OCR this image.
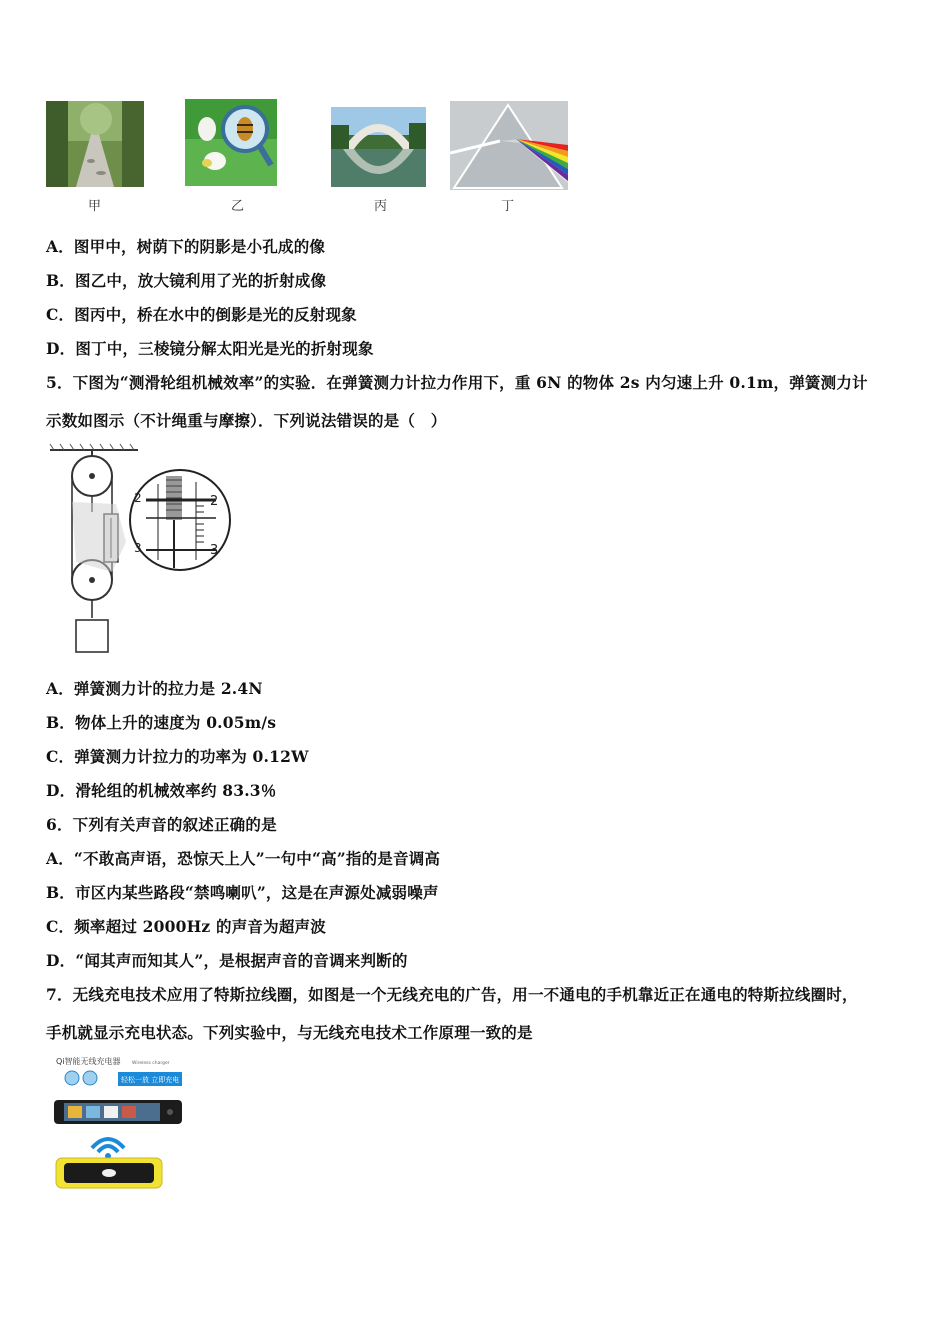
甲	乙	丙	丁
A．图甲中，树荫下的阴影是小孔成的像
B．图乙中，放大镜利用了光的折射成像
C．图丙中，桥在水中的倒影是光的反射现象
D．图丁中，三棱镜分解太阳光是光的折射现象
5．下图为“测滑轮组机械效率”的实验．在弹簧测力计拉力作用下，重 6N 的物体 2s 内匀速上升 0.1m，弹簧测力计
示数如图示（不计绳重与摩擦）．下列说法错误的是（　）
2
3
2
3
A．弹簧测力计的拉力是 2.4N
B．物体上升的速度为 0.05m/s
C．弹簧测力计拉力的功率为 0.12W
D．滑轮组的机械效率约 83.3％
6．下列有关声音的叙述正确的是
A．“不敢高声语，恐惊天上人”一句中“高”指的是音调高
B．市区内某些路段“禁鸣喇叭”，这是在声源处减弱噪声
C．频率超过 2000Hz 的声音为超声波
D．“闻其声而知其人”，是根据声音的音调来判断的
7．无线充电技术应用了特斯拉线圈，如图是一个无线充电的广告，用一不通电的手机靠近正在通电的特斯拉线圈时，
手机就显示充电状态。下列实验中，与无线充电技术工作原理一致的是
Qi智能无线充电器	Wireless charger
轻松一放 立即充电
